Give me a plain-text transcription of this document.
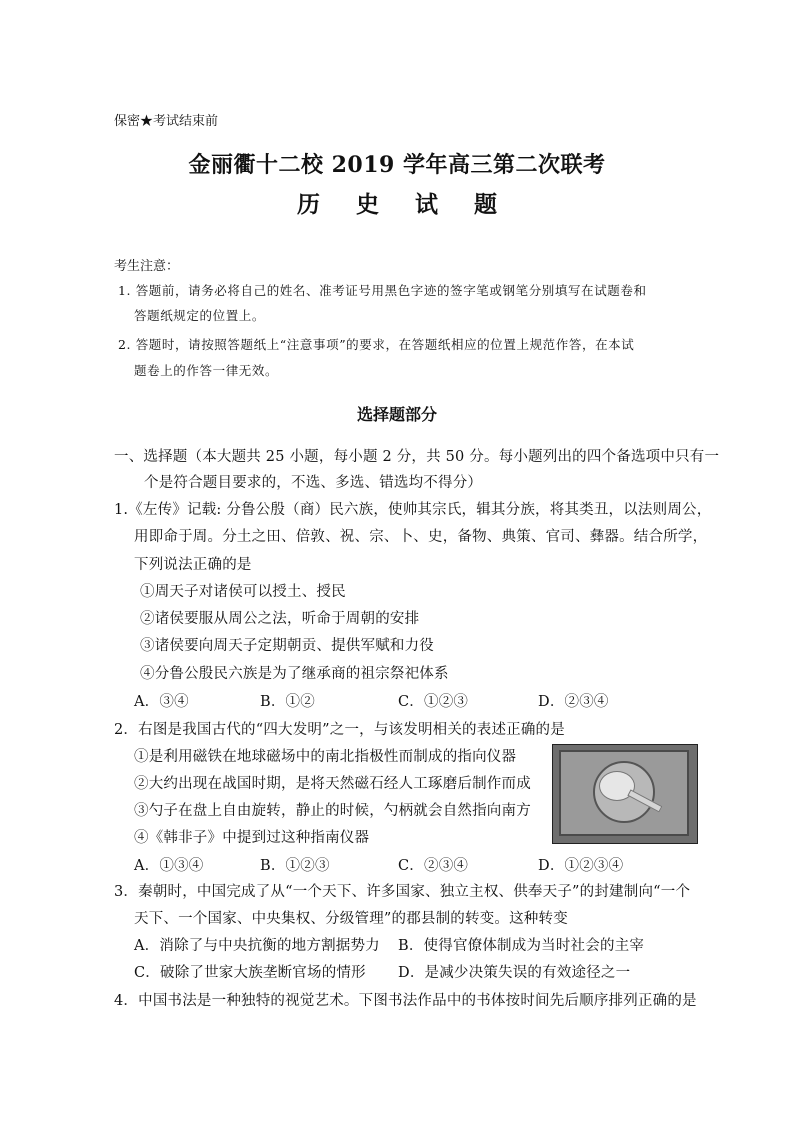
保密★考试结束前
金丽衢十二校 2019 学年高三第二次联考
历 史 试 题
考生注意：
1. 答题前，请务必将自己的姓名、准考证号用黑色字迹的签字笔或钢笔分别填写在试题卷和
答题纸规定的位置上。
2. 答题时，请按照答题纸上“注意事项”的要求，在答题纸相应的位置上规范作答，在本试
题卷上的作答一律无效。
选择题部分
一、选择题（本大题共 25 小题，每小题 2 分，共 50 分。每小题列出的四个备选项中只有一
个是符合题目要求的，不选、多选、错选均不得分）
1.《左传》记载: 分鲁公殷（商）民六族，使帅其宗氏，辑其分族，将其类丑，以法则周公，
用即命于周。分土之田、倍敦、祝、宗、卜、史，备物、典策、官司、彝器。结合所学，
下列说法正确的是
①周天子对诸侯可以授土、授民
②诸侯要服从周公之法，听命于周朝的安排
③诸侯要向周天子定期朝贡、提供军赋和力役
④分鲁公殷民六族是为了继承商的祖宗祭祀体系
A．③④	B．①②	C．①②③	D．②③④
2．右图是我国古代的“四大发明”之一，与该发明相关的表述正确的是
①是利用磁铁在地球磁场中的南北指极性而制成的指向仪器
②大约出现在战国时期，是将天然磁石经人工琢磨后制作而成
③勺子在盘上自由旋转，静止的时候，勺柄就会自然指向南方
④《韩非子》中提到过这种指南仪器
A．①③④	B．①②③	C．②③④	D．①②③④
3．秦朝时，中国完成了从“一个天下、许多国家、独立主权、供奉天子”的封建制向“一个
天下、一个国家、中央集权、分级管理”的郡县制的转变。这种转变
A．消除了与中央抗衡的地方割据势力 B．使得官僚体制成为当时社会的主宰
C．破除了世家大族垄断官场的情形 D．是减少决策失误的有效途径之一
4．中国书法是一种独特的视觉艺术。下图书法作品中的书体按时间先后顺序排列正确的是
